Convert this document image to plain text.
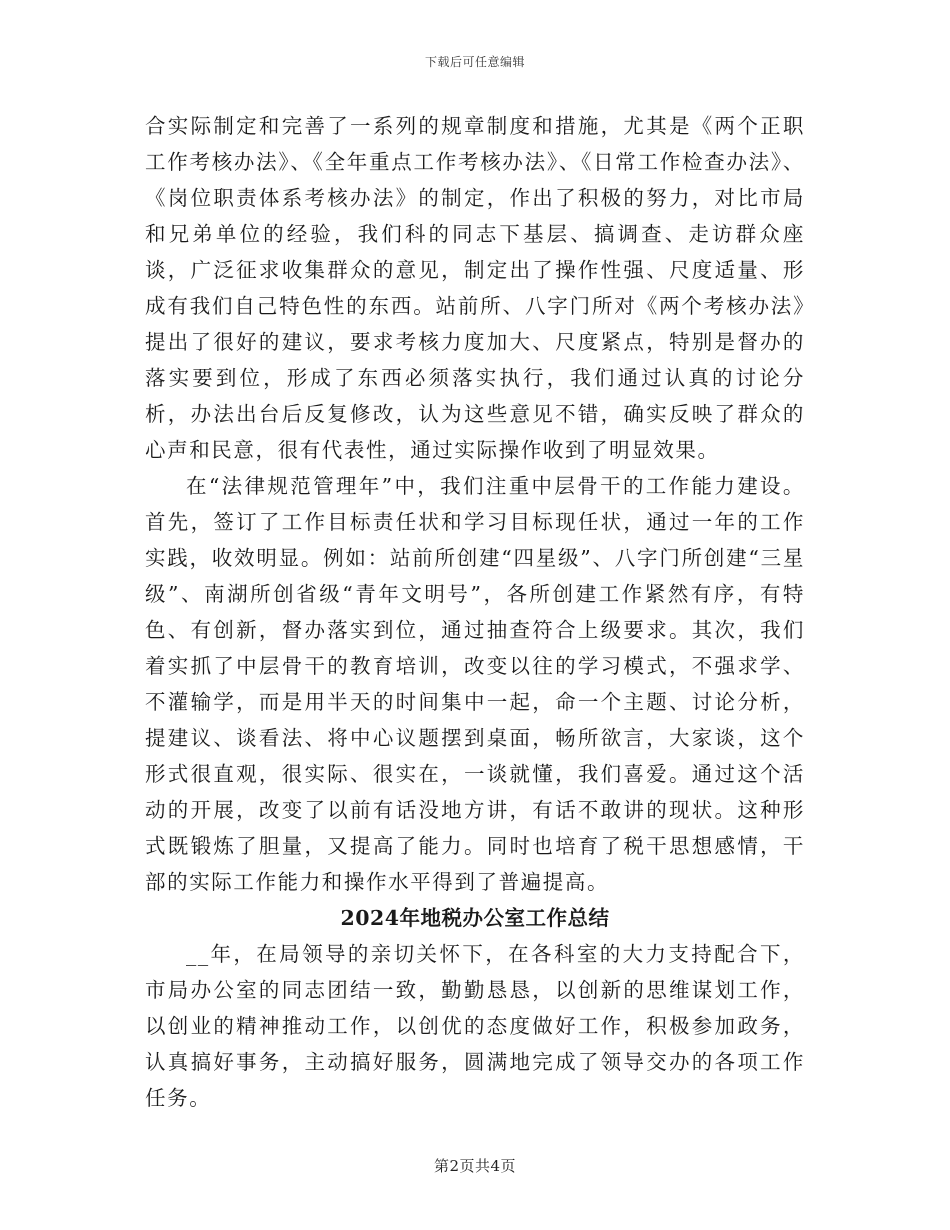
下载后可任意编辑

合实际制定和完善了一系列的规章制度和措施，尤其是《两个正职工作考核办法》、《全年重点工作考核办法》、《日常工作检查办法》、《岗位职责体系考核办法》的制定，作出了积极的努力，对比市局和兄弟单位的经验，我们科的同志下基层、搞调查、走访群众座谈，广泛征求收集群众的意见，制定出了操作性强、尺度适量、形成有我们自己特色性的东西。站前所、八字门所对《两个考核办法》提出了很好的建议，要求考核力度加大、尺度紧点，特别是督办的落实要到位，形成了东西必须落实执行，我们通过认真的讨论分析，办法出台后反复修改，认为这些意见不错，确实反映了群众的心声和民意，很有代表性，通过实际操作收到了明显效果。

在“法律规范管理年”中，我们注重中层骨干的工作能力建设。首先，签订了工作目标责任状和学习目标现任状，通过一年的工作实践，收效明显。例如：站前所创建“四星级”、八字门所创建“三星级”、南湖所创省级“青年文明号”，各所创建工作紧然有序，有特色、有创新，督办落实到位，通过抽查符合上级要求。其次，我们着实抓了中层骨干的教育培训，改变以往的学习模式，不强求学、不灌输学，而是用半天的时间集中一起，命一个主题、讨论分析，提建议、谈看法、将中心议题摆到桌面，畅所欲言，大家谈，这个形式很直观，很实际、很实在，一谈就懂，我们喜爱。通过这个活动的开展，改变了以前有话没地方讲，有话不敢讲的现状。这种形式既锻炼了胆量，又提高了能力。同时也培育了税干思想感情，干部的实际工作能力和操作水平得到了普遍提高。

2024年地税办公室工作总结

__年，在局领导的亲切关怀下，在各科室的大力支持配合下，市局办公室的同志团结一致，勤勤恳恳，以创新的思维谋划工作，以创业的精神推动工作，以创优的态度做好工作，积极参加政务，认真搞好事务，主动搞好服务，圆满地完成了领导交办的各项工作任务。

第2页共4页
